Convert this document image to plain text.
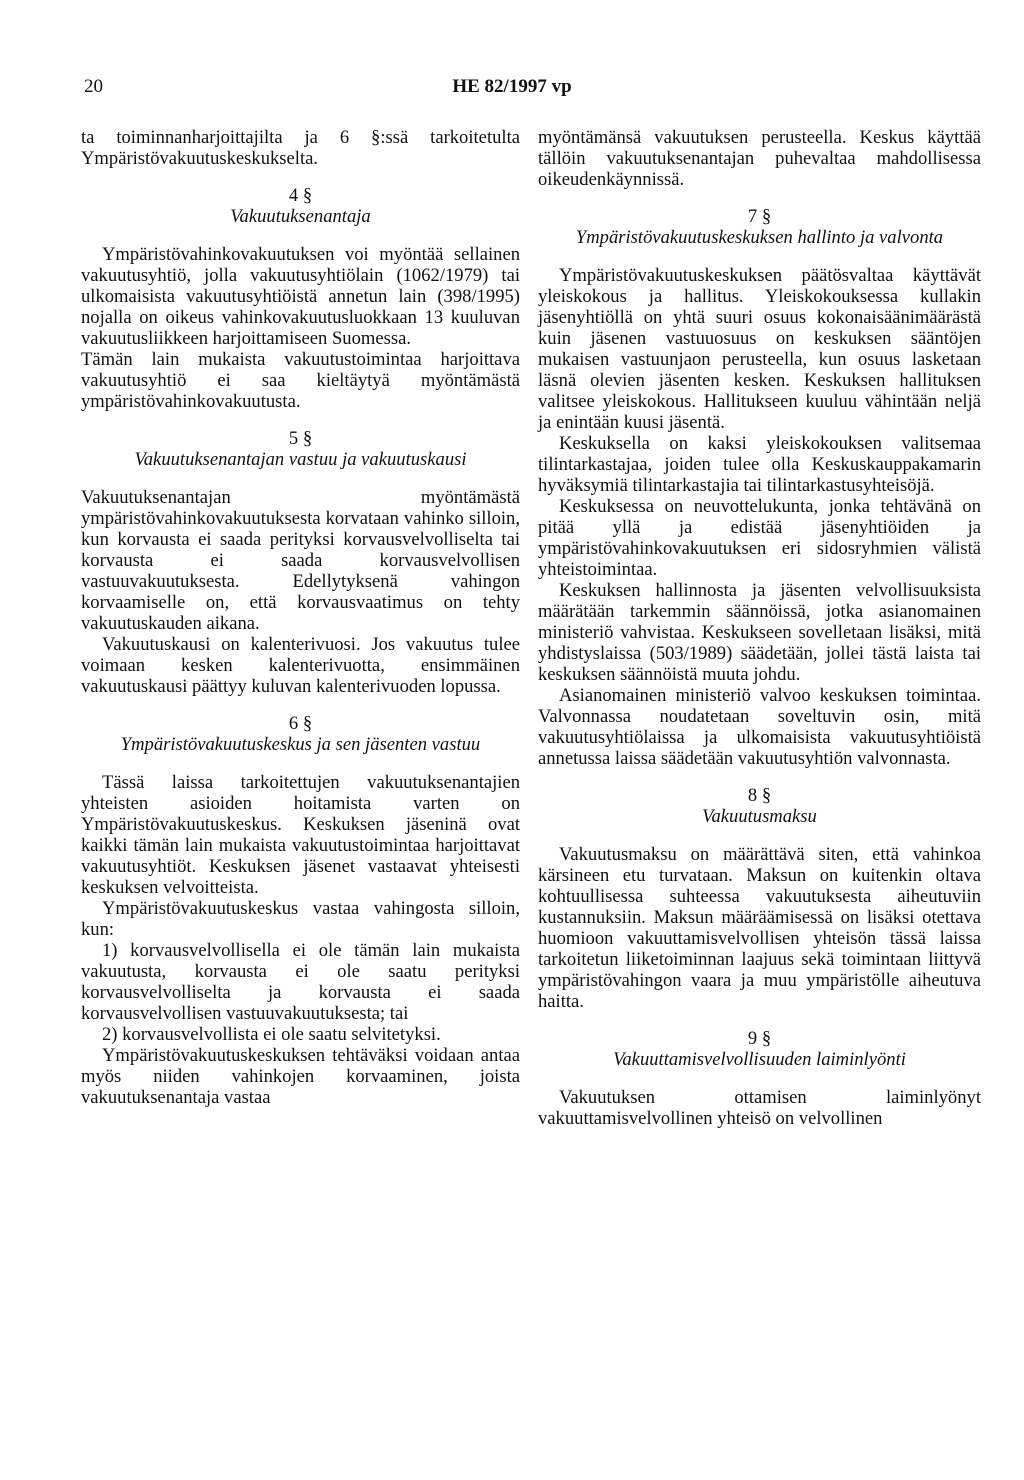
20	HE 82/1997 vp

ta toiminnanharjoittajilta ja 6 §:ssä tarkoitetulta Ympäristövakuutuskeskukselta.

4 §
Vakuutuksenantaja

Ympäristövahinkovakuutuksen voi myöntää sellainen vakuutusyhtiö, jolla vakuutusyhtiölain (1062/1979) tai ulkomaisista vakuutusyhtiöistä annetun lain (398/1995) nojalla on oikeus vahinkovakuutusluokkaan 13 kuuluvan vakuutusliikkeen harjoittamiseen Suomessa.

Tämän lain mukaista vakuutustoimintaa harjoittava vakuutusyhtiö ei saa kieltäytyä myöntämästä ympäristövahinkovakuutusta.

5 §
Vakuutuksenantajan vastuu ja vakuutuskausi

Vakuutuksenantajan myöntämästä ympäristövahinkovakuutuksesta korvataan vahinko silloin, kun korvausta ei saada perityksi korvausvelvolliselta tai korvausta ei saada korvausvelvollisen vastuuvakuutuksesta. Edellytyksenä vahingon korvaamiselle on, että korvausvaatimus on tehty vakuutuskauden aikana.

Vakuutuskausi on kalenterivuosi. Jos vakuutus tulee voimaan kesken kalenterivuotta, ensimmäinen vakuutuskausi päättyy kuluvan kalenterivuoden lopussa.

6 §
Ympäristövakuutuskeskus ja sen jäsenten vastuu

Tässä laissa tarkoitettujen vakuutuksenantajien yhteisten asioiden hoitamista varten on Ympäristövakuutuskeskus. Keskuksen jäseninä ovat kaikki tämän lain mukaista vakuutustoimintaa harjoittavat vakuutusyhtiöt. Keskuksen jäsenet vastaavat yhteisesti keskuksen velvoitteista.

Ympäristövakuutuskeskus vastaa vahingosta silloin, kun:

1) korvausvelvollisella ei ole tämän lain mukaista vakuutusta, korvausta ei ole saatu perityksi korvausvelvolliselta ja korvausta ei saada korvausvelvollisen vastuuvakuutuksesta; tai

2) korvausvelvollista ei ole saatu selvitetyksi.

Ympäristövakuutuskeskuksen tehtäväksi voidaan antaa myös niiden vahinkojen korvaaminen, joista vakuutuksenantaja vastaa

myöntämänsä vakuutuksen perusteella. Keskus käyttää tällöin vakuutuksenantajan puhevaltaa mahdollisessa oikeudenkäynnissä.

7 §
Ympäristövakuutuskeskuksen hallinto ja valvonta

Ympäristövakuutuskeskuksen päätösvaltaa käyttävät yleiskokous ja hallitus. Yleiskokouksessa kullakin jäsenyhtiöllä on yhtä suuri osuus kokonaisäänimäärästä kuin jäsenen vastuuosuus on keskuksen sääntöjen mukaisen vastuunjaon perusteella, kun osuus lasketaan läsnä olevien jäsenten kesken. Keskuksen hallituksen valitsee yleiskokous. Hallitukseen kuuluu vähintään neljä ja enintään kuusi jäsentä.

Keskuksella on kaksi yleiskokouksen valitsemaa tilintarkastajaa, joiden tulee olla Keskuskauppakamarin hyväksymiä tilintarkastajia tai tilintarkastusyhteisöjä.

Keskuksessa on neuvottelukunta, jonka tehtävänä on pitää yllä ja edistää jäsenyhtiöiden ja ympäristövahinkovakuutuksen eri sidosryhmien välistä yhteistoimintaa.

Keskuksen hallinnosta ja jäsenten velvollisuuksista määrätään tarkemmin säännöissä, jotka asianomainen ministeriö vahvistaa. Keskukseen sovelletaan lisäksi, mitä yhdistyslaissa (503/1989) säädetään, jollei tästä laista tai keskuksen säännöistä muuta johdu.

Asianomainen ministeriö valvoo keskuksen toimintaa. Valvonnassa noudatetaan soveltuvin osin, mitä vakuutusyhtiölaissa ja ulkomaisista vakuutusyhtiöistä annetussa laissa säädetään vakuutusyhtiön valvonnasta.

8 §
Vakuutusmaksu

Vakuutusmaksu on määrättävä siten, että vahinkoa kärsineen etu turvataan. Maksun on kuitenkin oltava kohtuullisessa suhteessa vakuutuksesta aiheutuviin kustannuksiin. Maksun määräämisessä on lisäksi otettava huomioon vakuuttamisvelvollisen yhteisön tässä laissa tarkoitetun liiketoiminnan laajuus sekä toimintaan liittyvä ympäristövahingon vaara ja muu ympäristölle aiheutuva haitta.

9 §
Vakuuttamisvelvollisuuden laiminlyönti

Vakuutuksen ottamisen laiminlyönyt vakuuttamisvelvollinen yhteisö on velvollinen
